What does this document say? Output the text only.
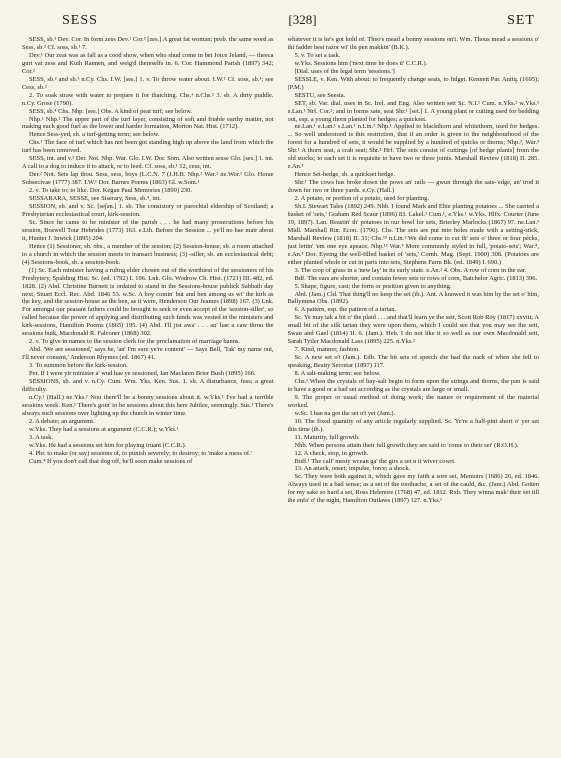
SESS	[328]	SET

SESS, sb.¹ Dev. Cor. In form zess Dev.¹ Cor.² [zes.] A great fat woman; prob. the same word as Sess, sb.² Cf. soss, sb.¹ 7.

Dev.¹ Our zeat was as fall as a cood show, when who shud come in bet Joice Jeland, — theeca gurt vat zess and Kuth Rannen, and weig'd thereselfs in. 6. Cor. Hammond Parish (1897) 342; Cor.²

SESS, sb.² and sb.³ n.Cy. Chs. I.W. [ses.] 1. v. To throw water about. I.W.¹ Cf. soss, sb.¹; see Cess, sb.²

2. To soak straw with water to prepare it for thatching. Chs.¹ n.Chs.² 3. sb. A dirty puddle. n.Cy. Grose (1790).

SESS, sb.⁴ Chs. Nhp. [ses.] Obs. A kind of peat turf; see below.

Nhp.¹ Nhp.² The upper part of the turf layer, consisting of soft and friable earthy matter, not making such good fuel as the lower and harder formation, Morton Nat. Hist. (1712).

Hence Sess-yed, sb. a turf-getting term; see below.

Chs.¹ The face of turf which has not been got standing high up above the land from which the turf has been removed.

SESS, int. and v.² Der. Not. Nhp. War. Glo. I.W. Dor. Som. Also written sesse Glo. [ses.] 1. int. A call to a dog to induce it to attack, or to feed. Cf. soss, sb.¹ 12, cess, int.

Der.² Not. Sets lap thou. Sess, sess, boys (L.C.N. 7 (J.H.B. Nhp.² War.² ne.Wor.¹ Glo. Horae Subsecivae (1777) 387. I.W.¹ Dor. Barnes Poems (1863) Gl. w.Som.¹

2. v. To take to; to like. Dor. Kegan Paul Memories (1899) 230.

SESSARARA, SESSE, see Siserary, Sess, sb.⁴, int.

SESSION, sb. and v. Sc. [se∫ən.] 1. sb. The consistory or parochial eldership of Scotland; a Presbyterian ecclesiastical court, kirk-session.

Sc. Since he came to be minister of the parish . . . he had many prosecutions before his session, Boswell Tour Hebrides (1773) 163. e.Lth. Before the Session ... ye'll no hae mair about it, Hunter J. Inwick (1895) 204.

Hence (1) Sessioner, sb. obs., a member of the session; (2) Session-house, sb. a room attached to a church in which the session meets to transact business; (3) -siller, sb. an ecclesiastical debt; (4) Sessions-book, sb. a session-book.

(1) Sc. Each minister having a ruling elder chosen out of the worthiest of the sessioners of his Presbytery, Spalding Hist. Sc. (ed. 1792) I. 196. Lnk. Glo. Wodrow Ch. Hist. (1721) III. 482, ed. 1828. (2) Abd. Christine Burnett is ordaind to stand in the Sessions-house publick Sabbath day next, Stuart Eccl. Rec. Abd. 1846 53. w.Sc. A boy comin' but and ben among us wi' the kirk as the key, and the session-house as the ben, as it were, Henderson Our Jeames (1898) 167. (3) Lnk. For amongst our peasant fathers could be brought to seek or even accept of the 'session-siller', so called because the power of applying and distributing such funds was vested in the ministers and kirk-sessions, Hamilton Poems (1865) 195. (4) Abd. I'll jist awa' . . . an' hae a caw throu the sessions buik, Macdonald R. Falconer (1868) 302.

2. v. To give in names to the session clerk for the proclamation of marriage banns.

Abd. 'We are sessioned,' says he, 'an' I'm sure ye're content' — Says Bell, 'Tak' my name out, I'll never consent,' Anderson Rhymes (ed. 1867) 41.

3. To summon before the kirk-session.

Per. If I were yir minister a' wud hae ye sessioned, Ian Maclaren Brier Bush (1895) 166.

SESSIONS, sb. and v. n.Cy. Cum. Wm. Yks. Ken. Sus. 1. sb. A disturbance, fuss; a great difficulty.

n.Cy.¹ (Hall.) ne.Yks.¹ Nou there'll be a bonny sessions about it. w.Yks.¹ I've had a terrible sessions week. Ken.¹ There's goin' to be sessions about this here Jubilee, seemingly. Sus.¹ There's always such sessions over lighting up the church in winter time.

2. A debate; an argument.

w.Yks. They had a sessions at argument (C.C.R.); w.Yks.¹

3. A task.

w.Yks. He had a sessions set him for playing truant (C.C.R.).

4. Phr. to make (or say) sessions of, to punish severely; to destroy; to 'make a mess of.'

Cum.⁴ If you don't call that dog off, he'll soon make sessions of

whatever it is he's got hold of. Theo's mead a bonny sessions on't. Wm. Thous mead a sessions o' thi fadder best razor wi' thi pen makkin' (B.K.).

5. v. To set a task.

w.Yks. Sessions him ('next time he does it' C.C.R.).

[Dial. uses of the legal term 'sessions.']

SESSLE, v. Ken. With about: to frequently change seats, to fidget. Kennett Par. Antiq. (1695); (P.M.)

SESTU, see Seesta.

SET, sb. Var. dial. uses in Sc. Irel. and Eng. Also written sett Sc. N.I.¹ Cum. n.Yks.² w.Yks.¹ e.Lan.¹ Nrf. Cor.²; and in forms sate, seat Shr.¹ [set.] 1. A young plant or cutting used for bedding out, esp. a young thorn planted for hedges; a quickset.

ne.Lan.¹ e.Lan.¹ s.Lan.¹ n.Lin.¹ Nhp.¹ Applied to blackthorn and whitethorn, used for hedges. ... So well understood is this restriction, that if an order is given to the neighbourhood of the forest for a hundred of sets, it would be supplied by a hundred of quicks or thorns; Nhp.², War.³ Shr.¹ A thorn seat, a crab seat; Shr.² Hrf. The sets consist of cuttings [of hedge plants] from the old stocks; to each set it is requisite to have two or three joints. Marshall Review (1818) II. 285. e.An.¹

Hence Set-hedge, sb. a quickset hedge.

Shr.¹ The cows has broke down the pows an' rails — gwun through the sate-'edge, an' trod it down fur two or three yards. e.Cy. (Hall.)

2. A potato, or portion of a potato, used for planting.

Sh.I. Stewart Tales (1892) 249. Nhb. I found Mark and Ebie planting potatoes ... She carried a basket of 'sets,' Graham Red Scaur (1896) 83. Lakel.² Cum.¹, e.Yks.¹ w.Yks. Hlfx. Courier (June 19, 1897). Lan. Reastin' th' potatoes in our bowl for sets, Brierley Marlocks (1867) 97. ne.Lan.¹ Midl. Marshall Rur. Econ. (1796). Chs. The sets are put into holes made with a setting-stick, Marshall Review (1818) II. 31; Chs.¹³ n.Lin.¹ We did come to cut th' sets o' three or four pécks, just lettin' 'em one eye apeace. Nhp.¹² War.³ More commonly styled in full, 'potato-sets'; War.⁴, e.An.¹ Dor. Eyeing the well-filled basket of 'sets,' Cornh. Mag. (Sept. 1900) 308. (Potatoes are either planted whole or cut in parts into sets, Stephens Farm Bk. (ed. 1849) I. 690.)

3. The crop of grass in a 'new lay' in its early state. e.An.² 4. Obs. A row of corn in the ear.

Bdf. The ears are shorter, and contain fewer sets or rows of corn, Batchelor Agric. (1813) 396.

5. Shape, figure, cast; the form or position given to anything.

Abd. (Jam.) Cld. That thing'll no keep the set (ib.). Ant. A knowed it was him by the set o' him, Ballymena Obs. (1892).

6. A pattern, esp. the pattern of a tartan.

Sc. Ye may tak a bit o' the plaid . . . and that'll learn ye the sett, Scott Rob Roy (1817) xxviii; A small bit of the silk tartan they were upon them, which I could see that you may see the sett, Swan and Gael (1814) II. 6. (Jam.). Heb. I do not like it so well as our own Macdonald sett, Sarah Tytler Macdonald Lass (1895) 225. n.Yks.²

7. Kind, manner, fashion.

Sc. A new set o't (Jam.). Edb. The bit sets of speech she had the nack of when she fell to speaking, Beatty Secretar (1897) 117.

8. A salt-making term: see below.

Chs.¹ When the crystals of bay-salt begin to form upon the strings and thorns, the pan is said to have a good or a bad set according as the crystals are large or small.

9. The proper or usual method of doing work; the nature or requirement of the material worked.

w.Sc. I hae na got the set o't yet (Jam.).

10. The fixed quantity of any article regularly supplied. Sc. Ye're a half-pint short o' yer set this time (ib.).

11. Maturity, full growth.

Nhb. When persons attain their full growth they are said to 'come to their set' (R.O.H.).

12. A check, stop, in growth.

Buff.¹ The calf' mesty wcean ga' the girs a set n it wiver cowrt.

13. An attack, onset; impulse, force; a shock.

Sc. They were both against it, which gave my faith a sore set, Memoirs (1686) 26, ed. 1846. Always used in a bad sense; as a set of the toothache, a set of the cauld, &c. (Jam.) Abd. Gotten for my sake so hard a set, Ross Helenore (1768) 47, ed. 1812. Rxb. They winna mak' their set till the enfa' o' the night, Hamilton Outlaws (1897) 127. n.Yks.¹
